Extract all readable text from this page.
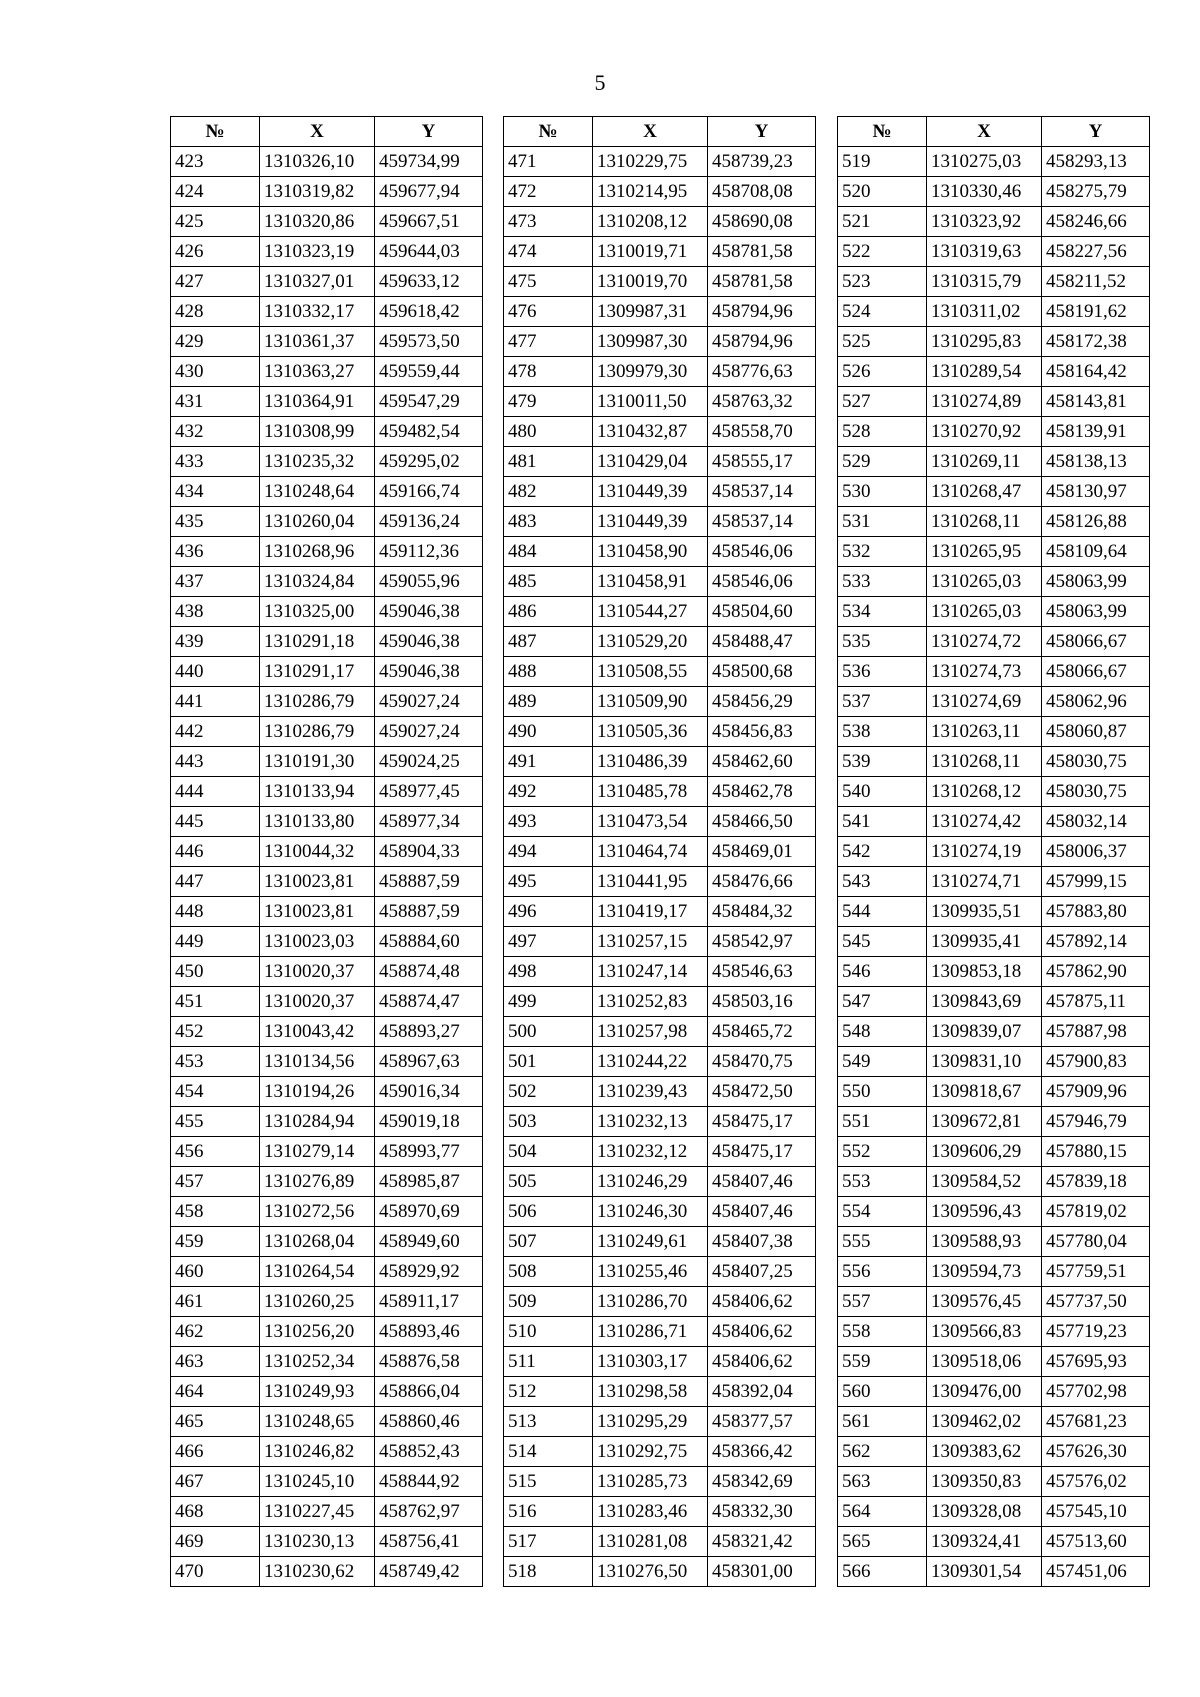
5
№	X	Y
423	1310326,10	459734,99
424	1310319,82	459677,94
425	1310320,86	459667,51
426	1310323,19	459644,03
427	1310327,01	459633,12
428	1310332,17	459618,42
429	1310361,37	459573,50
430	1310363,27	459559,44
431	1310364,91	459547,29
432	1310308,99	459482,54
433	1310235,32	459295,02
434	1310248,64	459166,74
435	1310260,04	459136,24
436	1310268,96	459112,36
437	1310324,84	459055,96
438	1310325,00	459046,38
439	1310291,18	459046,38
440	1310291,17	459046,38
441	1310286,79	459027,24
442	1310286,79	459027,24
443	1310191,30	459024,25
444	1310133,94	458977,45
445	1310133,80	458977,34
446	1310044,32	458904,33
447	1310023,81	458887,59
448	1310023,81	458887,59
449	1310023,03	458884,60
450	1310020,37	458874,48
451	1310020,37	458874,47
452	1310043,42	458893,27
453	1310134,56	458967,63
454	1310194,26	459016,34
455	1310284,94	459019,18
456	1310279,14	458993,77
457	1310276,89	458985,87
458	1310272,56	458970,69
459	1310268,04	458949,60
460	1310264,54	458929,92
461	1310260,25	458911,17
462	1310256,20	458893,46
463	1310252,34	458876,58
464	1310249,93	458866,04
465	1310248,65	458860,46
466	1310246,82	458852,43
467	1310245,10	458844,92
468	1310227,45	458762,97
469	1310230,13	458756,41
470	1310230,62	458749,42
№	X	Y
471	1310229,75	458739,23
472	1310214,95	458708,08
473	1310208,12	458690,08
474	1310019,71	458781,58
475	1310019,70	458781,58
476	1309987,31	458794,96
477	1309987,30	458794,96
478	1309979,30	458776,63
479	1310011,50	458763,32
480	1310432,87	458558,70
481	1310429,04	458555,17
482	1310449,39	458537,14
483	1310449,39	458537,14
484	1310458,90	458546,06
485	1310458,91	458546,06
486	1310544,27	458504,60
487	1310529,20	458488,47
488	1310508,55	458500,68
489	1310509,90	458456,29
490	1310505,36	458456,83
491	1310486,39	458462,60
492	1310485,78	458462,78
493	1310473,54	458466,50
494	1310464,74	458469,01
495	1310441,95	458476,66
496	1310419,17	458484,32
497	1310257,15	458542,97
498	1310247,14	458546,63
499	1310252,83	458503,16
500	1310257,98	458465,72
501	1310244,22	458470,75
502	1310239,43	458472,50
503	1310232,13	458475,17
504	1310232,12	458475,17
505	1310246,29	458407,46
506	1310246,30	458407,46
507	1310249,61	458407,38
508	1310255,46	458407,25
509	1310286,70	458406,62
510	1310286,71	458406,62
511	1310303,17	458406,62
512	1310298,58	458392,04
513	1310295,29	458377,57
514	1310292,75	458366,42
515	1310285,73	458342,69
516	1310283,46	458332,30
517	1310281,08	458321,42
518	1310276,50	458301,00
№	X	Y
519	1310275,03	458293,13
520	1310330,46	458275,79
521	1310323,92	458246,66
522	1310319,63	458227,56
523	1310315,79	458211,52
524	1310311,02	458191,62
525	1310295,83	458172,38
526	1310289,54	458164,42
527	1310274,89	458143,81
528	1310270,92	458139,91
529	1310269,11	458138,13
530	1310268,47	458130,97
531	1310268,11	458126,88
532	1310265,95	458109,64
533	1310265,03	458063,99
534	1310265,03	458063,99
535	1310274,72	458066,67
536	1310274,73	458066,67
537	1310274,69	458062,96
538	1310263,11	458060,87
539	1310268,11	458030,75
540	1310268,12	458030,75
541	1310274,42	458032,14
542	1310274,19	458006,37
543	1310274,71	457999,15
544	1309935,51	457883,80
545	1309935,41	457892,14
546	1309853,18	457862,90
547	1309843,69	457875,11
548	1309839,07	457887,98
549	1309831,10	457900,83
550	1309818,67	457909,96
551	1309672,81	457946,79
552	1309606,29	457880,15
553	1309584,52	457839,18
554	1309596,43	457819,02
555	1309588,93	457780,04
556	1309594,73	457759,51
557	1309576,45	457737,50
558	1309566,83	457719,23
559	1309518,06	457695,93
560	1309476,00	457702,98
561	1309462,02	457681,23
562	1309383,62	457626,30
563	1309350,83	457576,02
564	1309328,08	457545,10
565	1309324,41	457513,60
566	1309301,54	457451,06
